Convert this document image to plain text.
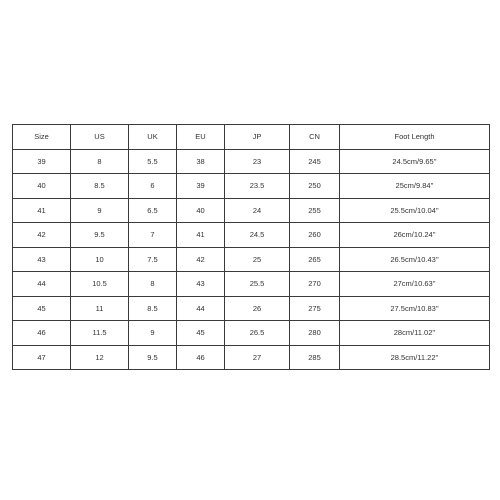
Size	US	UK	EU	JP	CN	Foot Length
39	8	5.5	38	23	245	24.5cm/9.65''
40	8.5	6	39	23.5	250	25cm/9.84''
41	9	6.5	40	24	255	25.5cm/10.04''
42	9.5	7	41	24.5	260	26cm/10.24''
43	10	7.5	42	25	265	26.5cm/10.43''
44	10.5	8	43	25.5	270	27cm/10.63''
45	11	8.5	44	26	275	27.5cm/10.83''
46	11.5	9	45	26.5	280	28cm/11.02''
47	12	9.5	46	27	285	28.5cm/11.22''
